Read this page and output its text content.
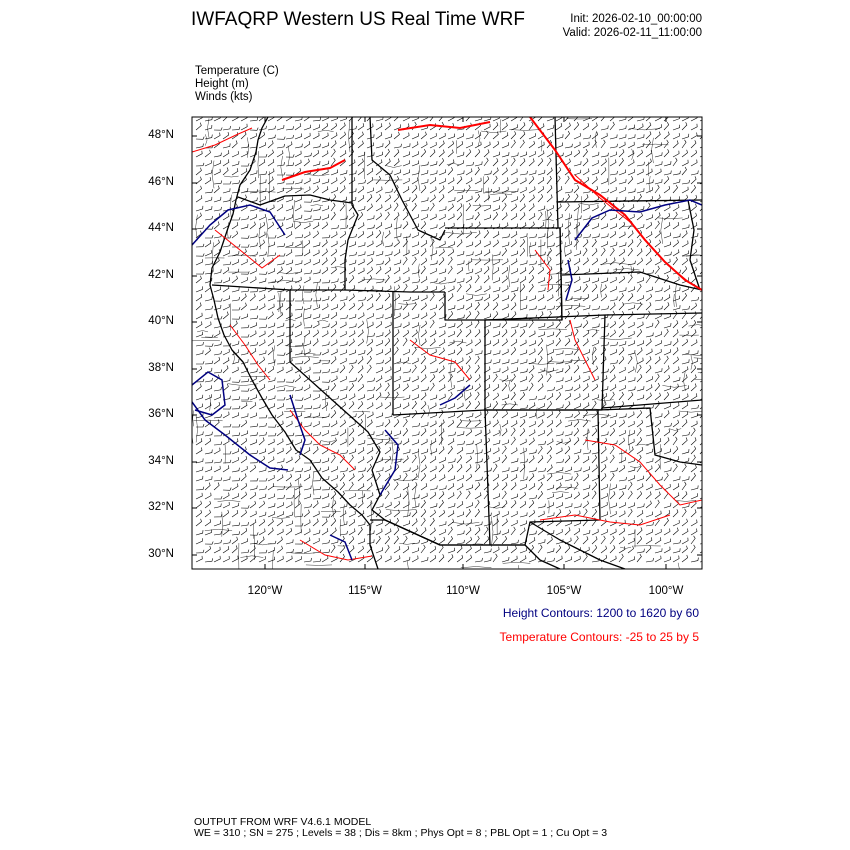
IWFAQRP Western US Real Time WRF	Init: 2026-02-10_00:00:00
Valid: 2026-02-11_11:00:00
Temperature (C)
Height (m)
Winds (kts)
48°N
46°N
44°N
42°N
40°N
38°N
36°N
34°N
32°N
30°N
120°W	115°W	110°W	105°W	100°W
Height Contours: 1200 to 1620 by 60
Temperature Contours: -25 to 25 by 5
OUTPUT FROM WRF V4.6.1 MODEL
WE = 310 ; SN = 275 ; Levels = 38 ; Dis = 8km ; Phys Opt = 8 ; PBL Opt = 1 ; Cu Opt = 3
